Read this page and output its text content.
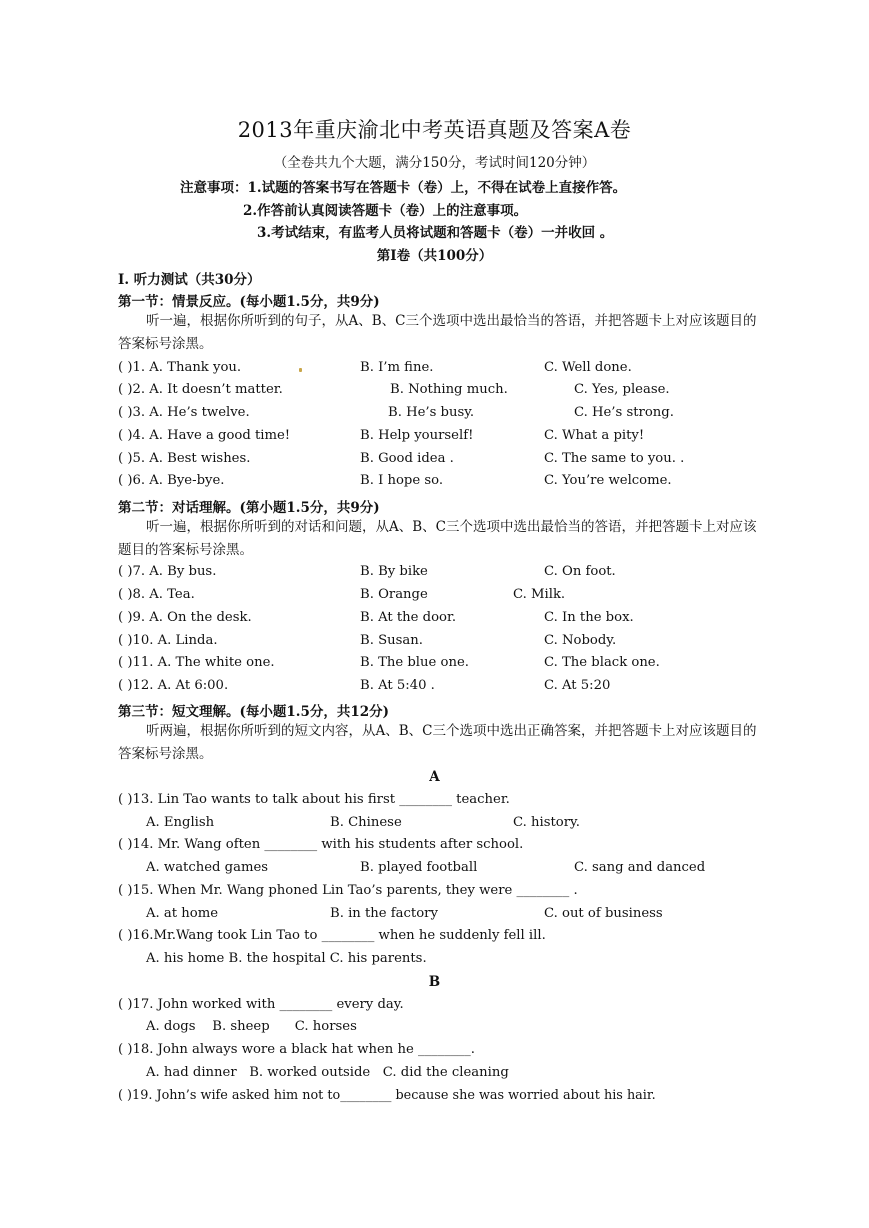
2013年重庆渝北中考英语真题及答案A卷
（全卷共九个大题，满分150分，考试时间120分钟）
注意事项：1.试题的答案书写在答题卡（卷）上，不得在试卷上直接作答。
2.作答前认真阅读答题卡（卷）上的注意事项。
3.考试结束，有监考人员将试题和答题卡（卷）一并收回 。
第Ⅰ卷（共100分）
I. 听力测试（共30分）
第一节：情景反应。(每小题1.5分，共9分)
听一遍，根据你所听到的句子，从A、B、C三个选项中选出最恰当的答语，并把答题卡上对应该题目的答案标号涂黑。
( )1. A. Thank you.	B. I’m fine.	C. Well done.
( )2. A. It doesn’t matter.	B. Nothing much.	C. Yes, please.
( )3. A. He’s twelve.	B. He’s busy.	C. He’s strong.
( )4. A. Have a good time!	B. Help yourself!	C. What a pity!
( )5. A. Best wishes.	B. Good idea .	C. The same to you. .
( )6. A. Bye-bye.	B. I hope so.	C. You’re welcome.
第二节：对话理解。(第小题1.5分，共9分)
听一遍，根据你所听到的对话和问题，从A、B、C三个选项中选出最恰当的答语，并把答题卡上对应该题目的答案标号涂黑。
( )7. A. By bus.	B. By bike	C. On foot.
( )8. A. Tea.	B. Orange	C. Milk.
( )9. A. On the desk.	B. At the door.	C. In the box.
( )10. A. Linda.	B. Susan.	C. Nobody.
( )11. A. The white one.	B. The blue one.	C. The black one.
( )12. A. At 6:00.	B. At 5:40 .	C. At 5:20
第三节：短文理解。(每小题1.5分，共12分)
听两遍，根据你所听到的短文内容，从A、B、C三个选项中选出正确答案，并把答题卡上对应该题目的答案标号涂黑。
A
( )13. Lin Tao wants to talk about his first ________ teacher.
A. English	B. Chinese	C. history.
( )14. Mr. Wang often ________ with his students after school.
A. watched games	B. played football	C. sang and danced
( )15. When Mr. Wang phoned Lin Tao’s parents, they were ________ .
A. at home	B. in the factory	C. out of business
( )16.Mr.Wang took Lin Tao to ________ when he suddenly fell ill.
A. his home B. the hospital C. his parents.
B
( )17. John worked with ________ every day.
A. dogs    B. sheep      C. horses
( )18. John always wore a black hat when he ________.
A. had dinner   B. worked outside   C. did the cleaning
( )19. John’s wife asked him not to________ because she was worried about his hair.
